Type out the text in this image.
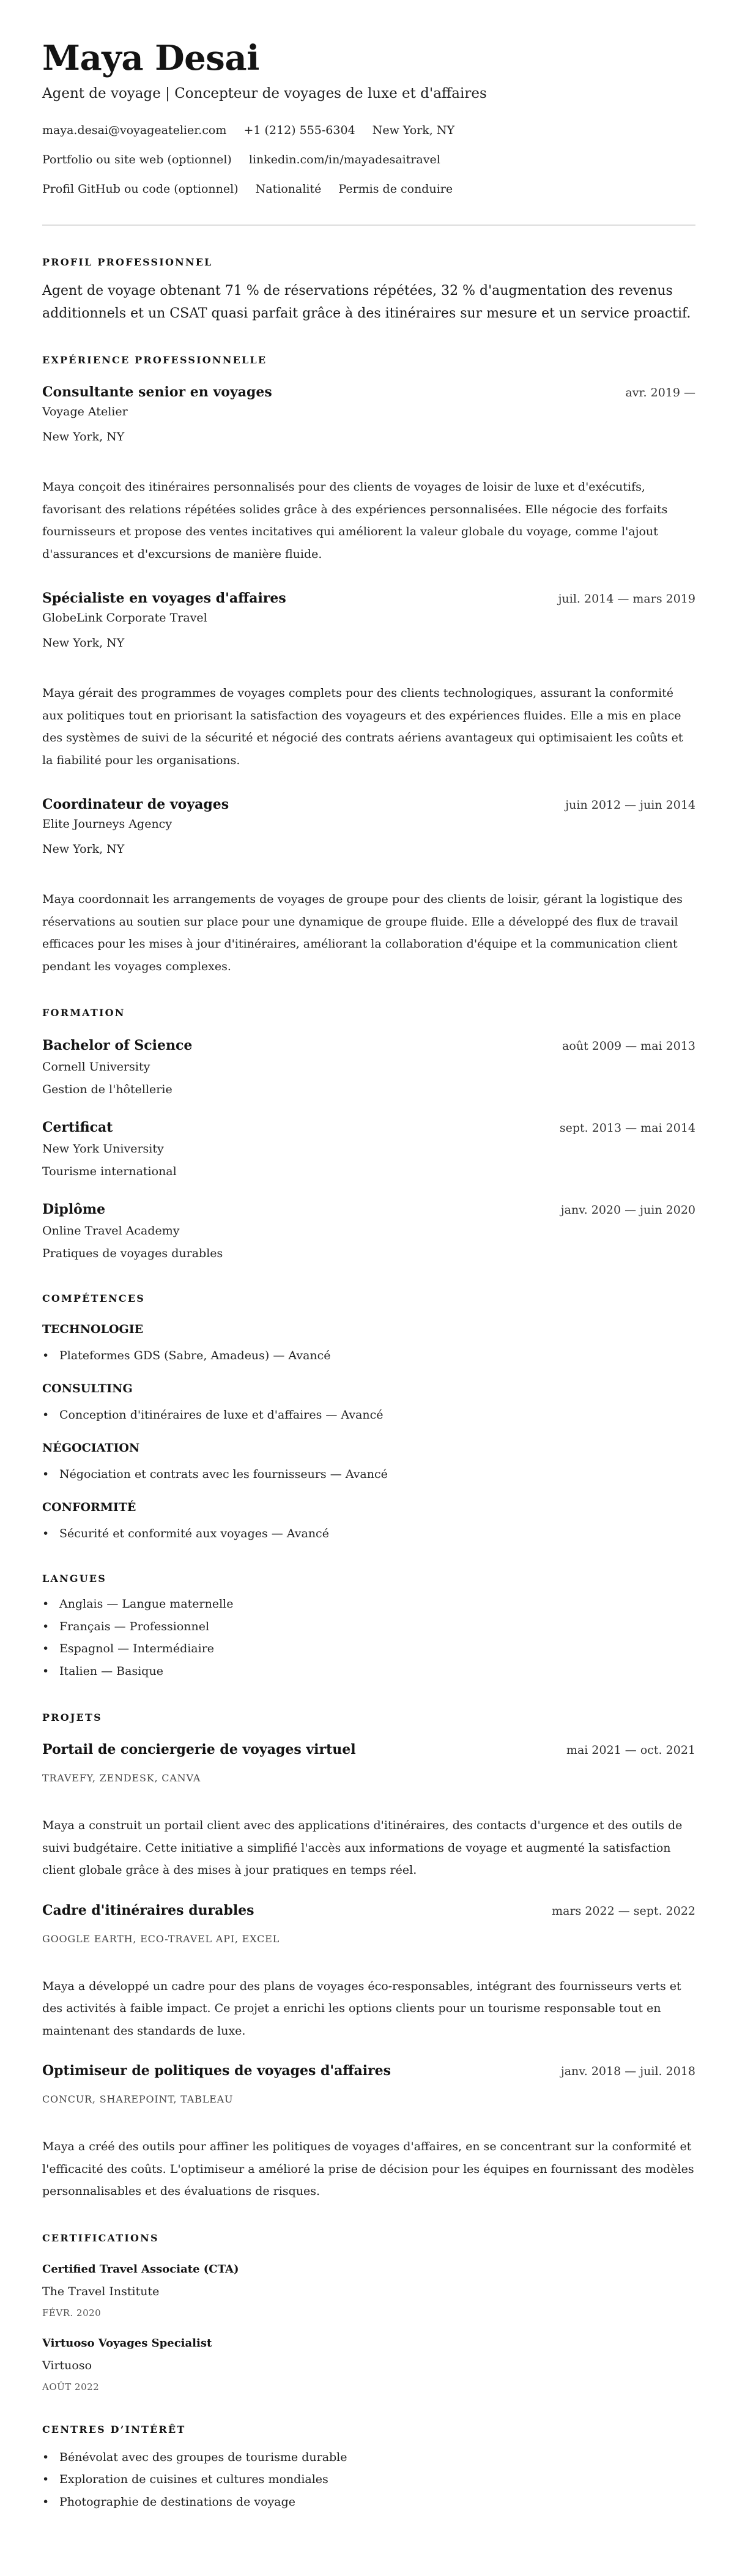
Maya Desai
Agent de voyage | Concepteur de voyages de luxe et d'affaires
maya.desai@voyageatelier.com +1 (212) 555-6304 New York, NY
Portfolio ou site web (optionnel) linkedin.com/in/mayadesaitravel
Profil GitHub ou code (optionnel) Nationalité Permis de conduire
PROFIL PROFESSIONNEL

Agent de voyage obtenant 71 % de réservations répétées, 32 % d'augmentation des revenus additionnels et un CSAT quasi parfait grâce à des itinéraires sur mesure et un service proactif.

EXPÉRIENCE PROFESSIONNELLE
Consultante senior en voyages	avr. 2019 —
Voyage Atelier
New York, NY
Maya conçoit des itinéraires personnalisés pour des clients de voyages de loisir de luxe et d'exécutifs, favorisant des relations répétées solides grâce à des expériences personnalisées. Elle négocie des forfaits fournisseurs et propose des ventes incitatives qui améliorent la valeur globale du voyage, comme l'ajout d'assurances et d'excursions de manière fluide.
Spécialiste en voyages d'affaires	juil. 2014 — mars 2019
GlobeLink Corporate Travel
New York, NY
Maya gérait des programmes de voyages complets pour des clients technologiques, assurant la conformité aux politiques tout en priorisant la satisfaction des voyageurs et des expériences fluides. Elle a mis en place des systèmes de suivi de la sécurité et négocié des contrats aériens avantageux qui optimisaient les coûts et la fiabilité pour les organisations.
Coordinateur de voyages	juin 2012 — juin 2014
Elite Journeys Agency
New York, NY
Maya coordonnait les arrangements de voyages de groupe pour des clients de loisir, gérant la logistique des réservations au soutien sur place pour une dynamique de groupe fluide. Elle a développé des flux de travail efficaces pour les mises à jour d'itinéraires, améliorant la collaboration d'équipe et la communication client pendant les voyages complexes.
FORMATION
Bachelor of Science	août 2009 — mai 2013
Cornell University
Gestion de l'hôtellerie
Certificat	sept. 2013 — mai 2014
New York University
Tourisme international
Diplôme	janv. 2020 — juin 2020
Online Travel Academy
Pratiques de voyages durables
COMPÉTENCES
TECHNOLOGIE
• Plateformes GDS (Sabre, Amadeus) — Avancé
CONSULTING
• Conception d'itinéraires de luxe et d'affaires — Avancé
NÉGOCIATION
• Négociation et contrats avec les fournisseurs — Avancé
CONFORMITÉ
• Sécurité et conformité aux voyages — Avancé
LANGUES
• Anglais — Langue maternelle
• Français — Professionnel
• Espagnol — Intermédiaire
• Italien — Basique
PROJETS
Portail de conciergerie de voyages virtuel	mai 2021 — oct. 2021
TRAVEFY, ZENDESK, CANVA
Maya a construit un portail client avec des applications d'itinéraires, des contacts d'urgence et des outils de suivi budgétaire. Cette initiative a simplifié l'accès aux informations de voyage et augmenté la satisfaction client globale grâce à des mises à jour pratiques en temps réel.
Cadre d'itinéraires durables	mars 2022 — sept. 2022
GOOGLE EARTH, ECO-TRAVEL API, EXCEL
Maya a développé un cadre pour des plans de voyages éco-responsables, intégrant des fournisseurs verts et des activités à faible impact. Ce projet a enrichi les options clients pour un tourisme responsable tout en maintenant des standards de luxe.
Optimiseur de politiques de voyages d'affaires	janv. 2018 — juil. 2018
CONCUR, SHAREPOINT, TABLEAU
Maya a créé des outils pour affiner les politiques de voyages d'affaires, en se concentrant sur la conformité et l'efficacité des coûts. L'optimiseur a amélioré la prise de décision pour les équipes en fournissant des modèles personnalisables et des évaluations de risques.
CERTIFICATIONS
Certified Travel Associate (CTA)
The Travel Institute
FÉVR. 2020
Virtuoso Voyages Specialist
Virtuoso
AOÛT 2022
CENTRES D’INTÉRÊT
• Bénévolat avec des groupes de tourisme durable
• Exploration de cuisines et cultures mondiales
• Photographie de destinations de voyage
